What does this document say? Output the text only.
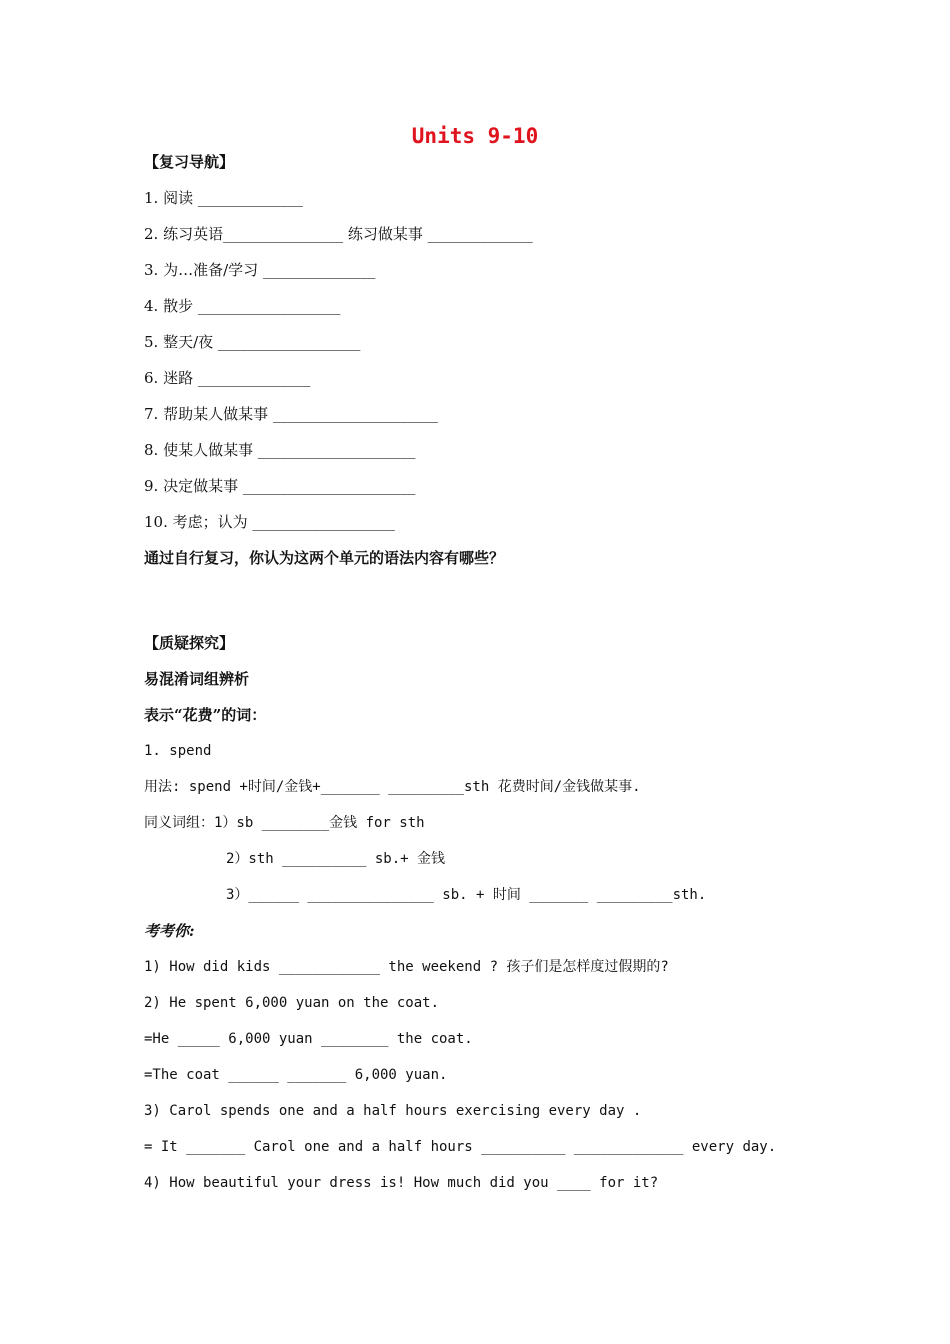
Units 9-10
【复习导航】
1. 阅读 ______________
2. 练习英语________________ 练习做某事 ______________
3. 为…准备/学习 _______________
4. 散步 ___________________
5. 整天/夜 ___________________
6. 迷路 _______________
7. 帮助某人做某事 ______________________
8. 使某人做某事 _____________________
9. 决定做某事 _______________________
10. 考虑；认为 ___________________
通过自行复习，你认为这两个单元的语法内容有哪些？
【质疑探究】
易混淆词组辨析
表示“花费”的词：
1. spend
用法: spend +时间/金钱+_______ _________sth 花费时间/金钱做某事.
同义词组：1）sb ________金钱 for sth
2）sth __________ sb.+ 金钱
3）______ _______________ sb. + 时间 _______ _________sth.
考考你:
1) How did kids ____________ the weekend ? 孩子们是怎样度过假期的?
2) He spent 6,000 yuan on the coat.
=He _____ 6,000 yuan ________ the coat.
=The coat ______ _______ 6,000 yuan.
3) Carol spends one and a half hours exercising every day .
= It _______ Carol one and a half hours __________ _____________ every day.
4) How beautiful your dress is! How much did you ____ for it?
